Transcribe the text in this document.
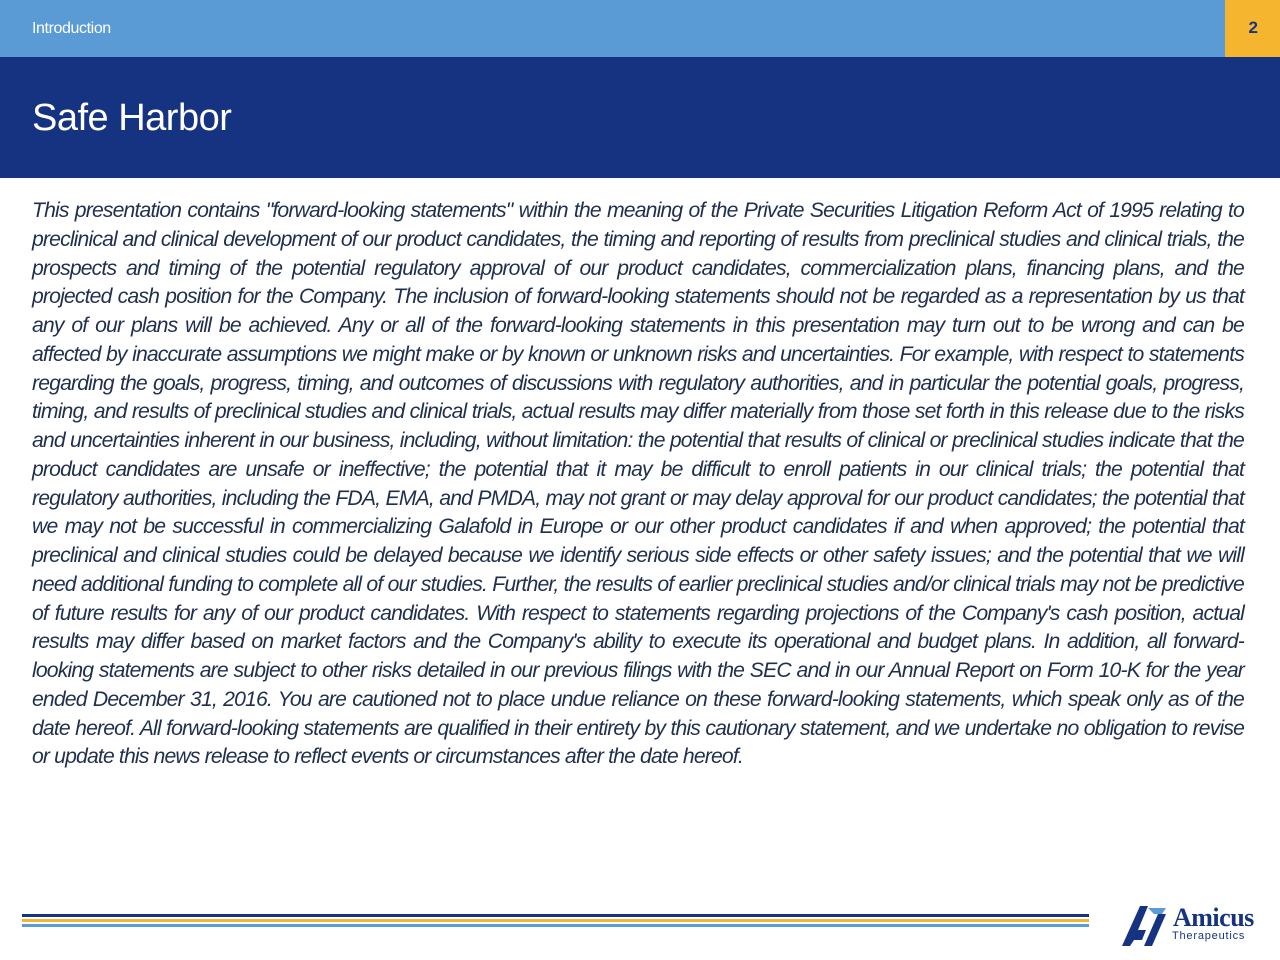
Introduction	2
Safe Harbor

This presentation contains "forward-looking statements" within the meaning of the Private Securities Litigation Reform Act of 1995 relating to preclinical and clinical development of our product candidates, the timing and reporting of results from preclinical studies and clinical trials, the prospects and timing of the potential regulatory approval of our product candidates, commercialization plans, financing plans, and the projected cash position for the Company. The inclusion of forward-looking statements should not be regarded as a representation by us that any of our plans will be achieved. Any or all of the forward-looking statements in this presentation may turn out to be wrong and can be affected by inaccurate assumptions we might make or by known or unknown risks and uncertainties. For example, with respect to statements regarding the goals, progress, timing, and outcomes of discussions with regulatory authorities, and in particular the potential goals, progress, timing, and results of preclinical studies and clinical trials, actual results may differ materially from those set forth in this release due to the risks and uncertainties inherent in our business, including, without limitation: the potential that results of clinical or preclinical studies indicate that the product candidates are unsafe or ineffective; the potential that it may be difficult to enroll patients in our clinical trials; the potential that regulatory authorities, including the FDA, EMA, and PMDA, may not grant or may delay approval for our product candidates; the potential that we may not be successful in commercializing Galafold in Europe or our other product candidates if and when approved; the potential that preclinical and clinical studies could be delayed because we identify serious side effects or other safety issues; and the potential that we will need additional funding to complete all of our studies. Further, the results of earlier preclinical studies and/or clinical trials may not be predictive of future results for any of our product candidates. With respect to statements regarding projections of the Company's cash position, actual results may differ based on market factors and the Company's ability to execute its operational and budget plans. In addition, all forward-looking statements are subject to other risks detailed in our previous filings with the SEC and in our Annual Report on Form 10-K for the year ended December 31, 2016. You are cautioned not to place undue reliance on these forward-looking statements, which speak only as of the date hereof. All forward-looking statements are qualified in their entirety by this cautionary statement, and we undertake no obligation to revise or update this news release to reflect events or circumstances after the date hereof.

Amicus
Therapeutics
